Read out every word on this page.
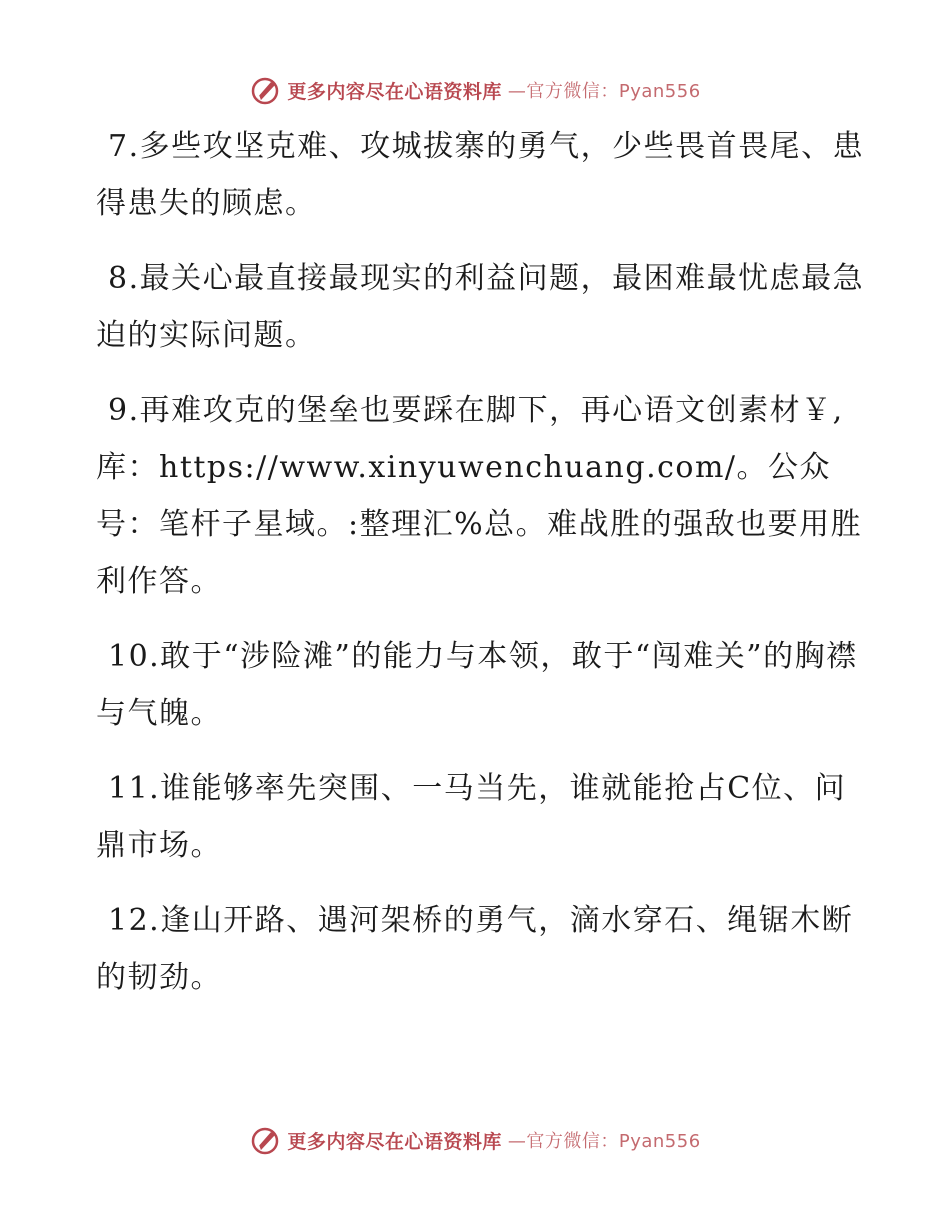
更多内容尽在心语资料库 —官方微信：Pyan556

7.多些攻坚克难、攻城拔寨的勇气，少些畏首畏尾、患得患失的顾虑。

8.最关心最直接最现实的利益问题，最困难最忧虑最急迫的实际问题。

9.再难攻克的堡垒也要踩在脚下，再心语文创素材￥,库：https://www.xinyuwenchuang.com/。公众号：笔杆子星域。:整理汇%总。难战胜的强敌也要用胜利作答。

10.敢于“涉险滩”的能力与本领，敢于“闯难关”的胸襟与气魄。

11.谁能够率先突围、一马当先，谁就能抢占C位、问鼎市场。

12.逢山开路、遇河架桥的勇气，滴水穿石、绳锯木断的韧劲。

更多内容尽在心语资料库 —官方微信：Pyan556
